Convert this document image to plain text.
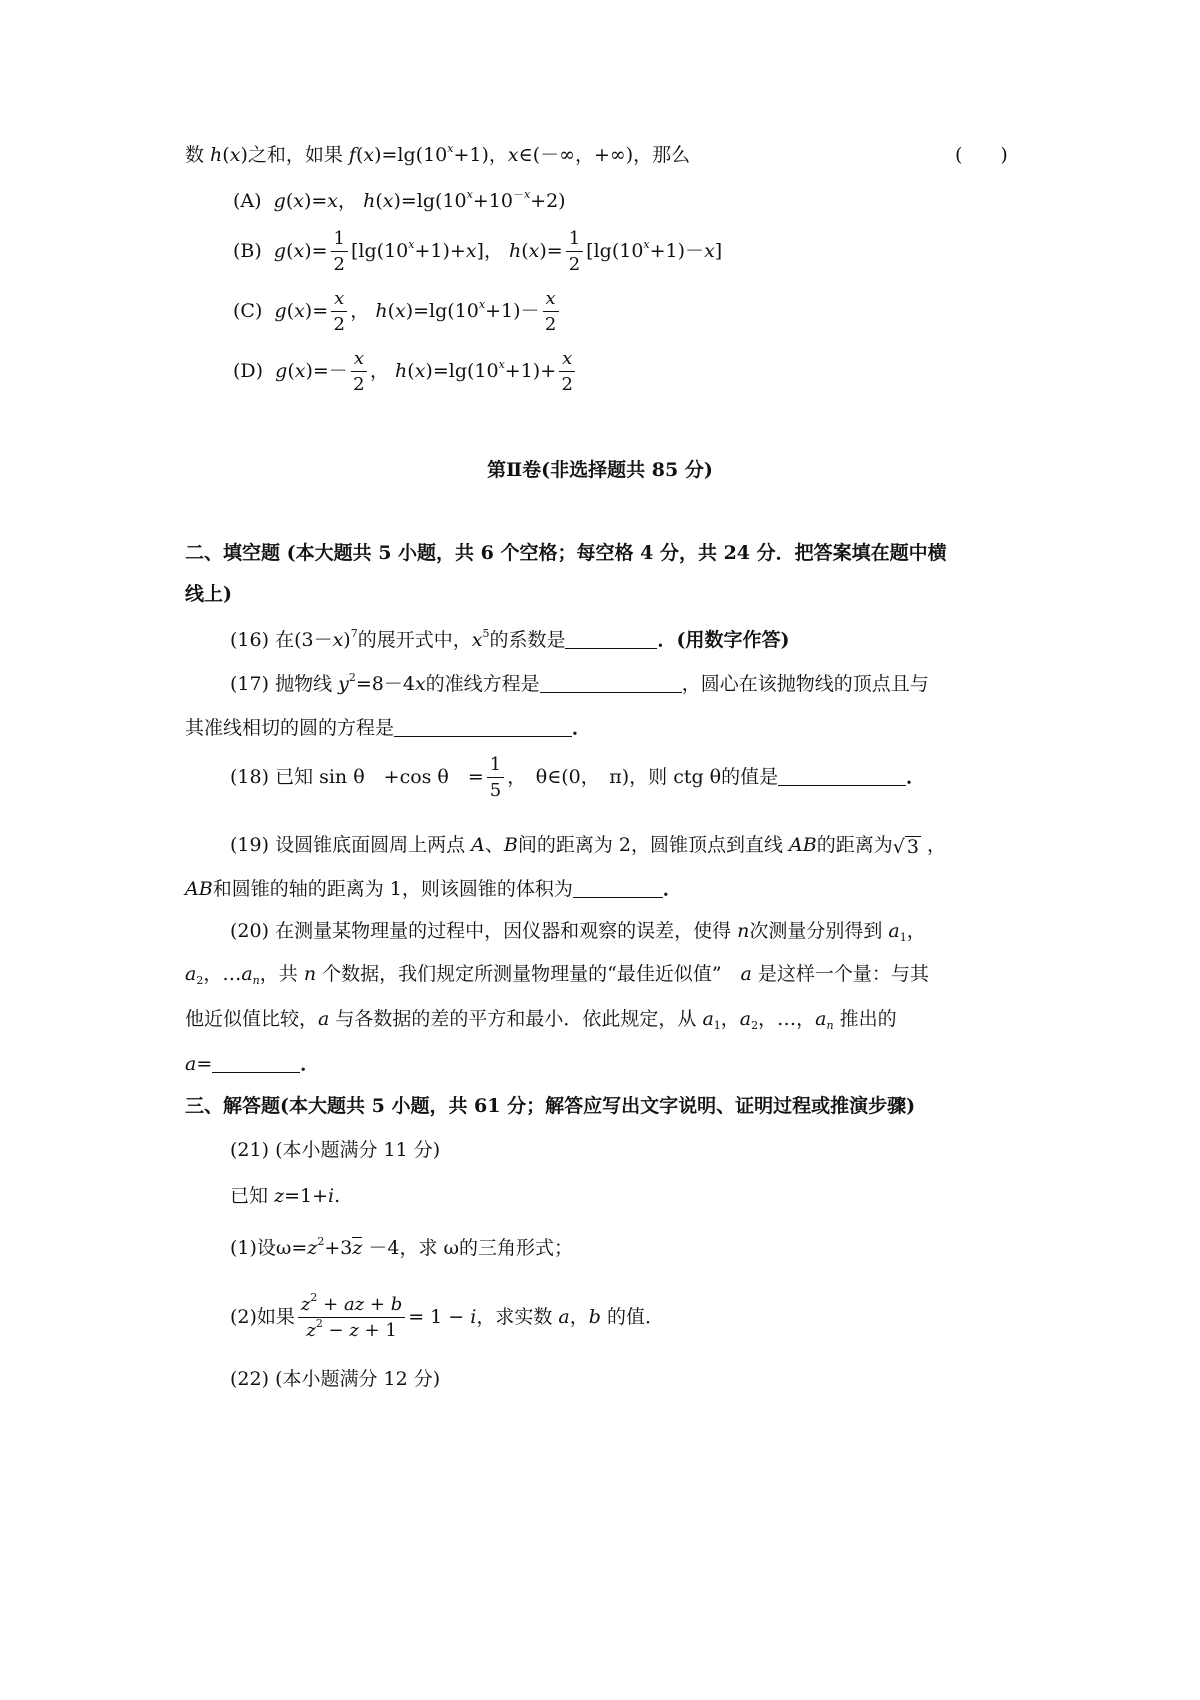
数 h(x)之和，如果 $f(x)=\lg(10^x+1)$，x∈(－∞，+∞)，那么	(　　)
(A) g(x)=x， $h(x)=\lg(10^x+10^{-x}+2)$
(B) $g(x)= \frac{1}{2} [\lg(10^x+1)+x]$， $h(x)= \frac{1}{2} [\lg(10^x+1)-x]$
(C) $g(x)= \frac{x}{2}$ ， $h(x)=\lg(10^x+1)- \frac{x}{2}$
(D) $g(x)=- \frac{x}{2}$ ， $h(x)=\lg(10^x+1)+ \frac{x}{2}$
第Ⅱ卷(非选择题共 85 分)
二、填空题 (本大题共 5 小题，共 6 个空格；每空格 4 分，共 24 分．把答案填在题中横
线上)
(16) 在$(3-x)^7$的展开式中，$x^5$的系数是	．(用数字作答)
(17) 抛物线 $y^2=8-4x$的准线方程是	，圆心在该抛物线的顶点且与
其准线相切的圆的方程是	．
(18) 已知 sin θ　+cos θ　= $\frac{1}{5}$ ，　θ∈(0，　π)，则 ctg θ的值是	．
(19) 设圆锥底面圆周上两点 A、B间的距离为 2，圆锥顶点到直线 AB的距离为√ 3 ，
AB和圆锥的轴的距离为 1，则该圆锥的体积为	．
(20) 在测量某物理量的过程中，因仪器和观察的误差，使得 n次测量分别得到 $a_1$，
$a_2$，$\dots a_n$，共 n 个数据，我们规定所测量物理量的“最佳近似值”　a 是这样一个量：与其
他近似值比较，a 与各数据的差的平方和最小．依此规定，从 $a_1$，$a_2$，…，$a_n$ 推出的
a=	．
三、解答题(本大题共 5 小题，共 61 分；解答应写出文字说明、证明过程或推演步骤)
(21) (本小题满分 11 分)
已知 z=1+i.
(1)设$\omega=z^2+3z -4$，求 ω的三角形式；
(2)如果 $\frac{z^2 + az + b}{z^2 - z + 1} = 1 - i$，求实数 a，b 的值．
(22) (本小题满分 12 分)
